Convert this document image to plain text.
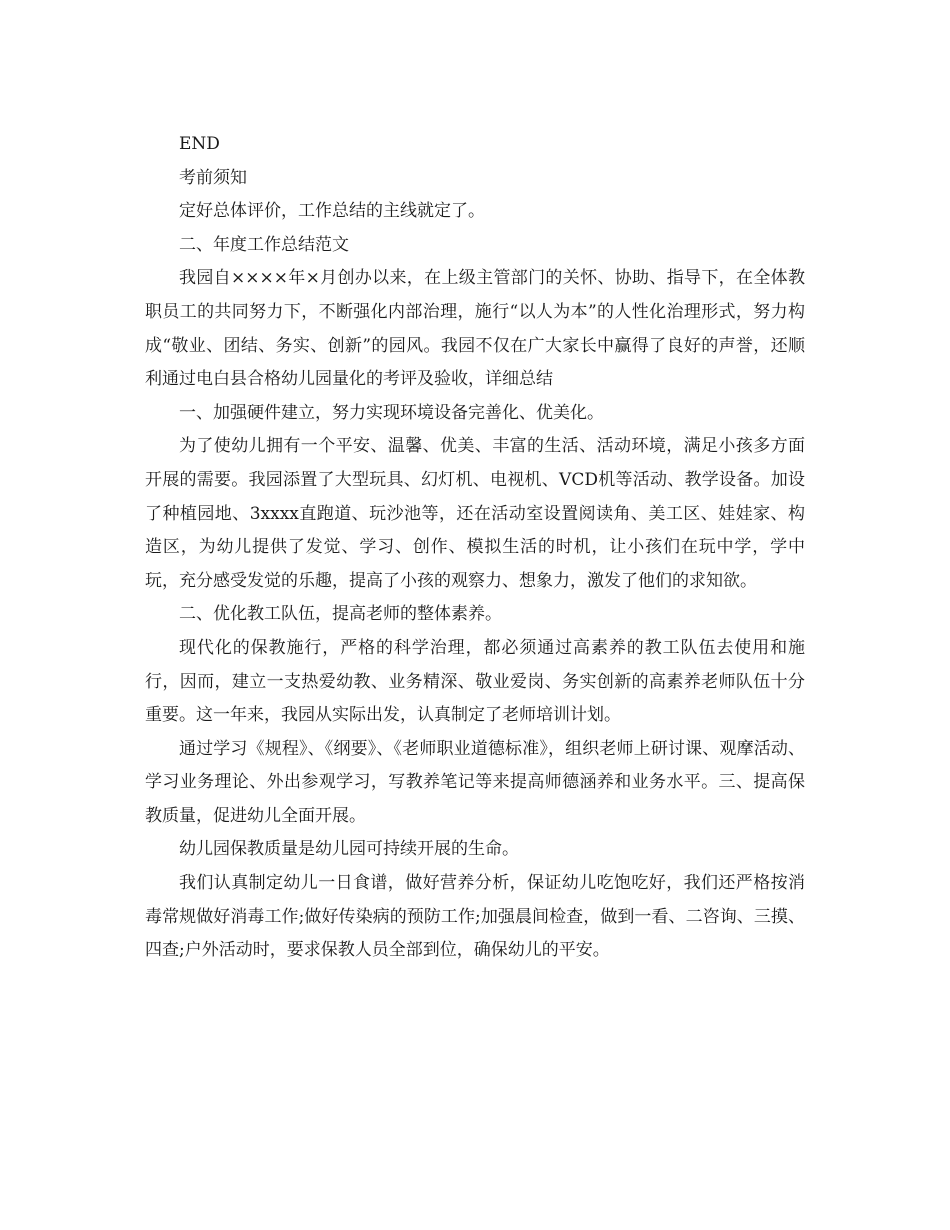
END

考前须知

定好总体评价，工作总结的主线就定了。

二、年度工作总结范文

我园自××××年×月创办以来，在上级主管部门的关怀、协助、指导下，在全体教职员工的共同努力下，不断强化内部治理，施行“以人为本”的人性化治理形式，努力构成“敬业、团结、务实、创新”的园风。我园不仅在广大家长中赢得了良好的声誉，还顺利通过电白县合格幼儿园量化的考评及验收，详细总结

一、加强硬件建立，努力实现环境设备完善化、优美化。

为了使幼儿拥有一个平安、温馨、优美、丰富的生活、活动环境，满足小孩多方面开展的需要。我园添置了大型玩具、幻灯机、电视机、VCD机等活动、教学设备。加设了种植园地、3xxxx直跑道、玩沙池等，还在活动室设置阅读角、美工区、娃娃家、构造区，为幼儿提供了发觉、学习、创作、模拟生活的时机，让小孩们在玩中学，学中玩，充分感受发觉的乐趣，提高了小孩的观察力、想象力，激发了他们的求知欲。

二、优化教工队伍，提高老师的整体素养。

现代化的保教施行，严格的科学治理，都必须通过高素养的教工队伍去使用和施行，因而，建立一支热爱幼教、业务精深、敬业爱岗、务实创新的高素养老师队伍十分重要。这一年来，我园从实际出发，认真制定了老师培训计划。

通过学习《规程》、《纲要》、《老师职业道德标准》，组织老师上研讨课、观摩活动、学习业务理论、外出参观学习，写教养笔记等来提高师德涵养和业务水平。三、提高保教质量，促进幼儿全面开展。

幼儿园保教质量是幼儿园可持续开展的生命。

我们认真制定幼儿一日食谱，做好营养分析，保证幼儿吃饱吃好，我们还严格按消毒常规做好消毒工作;做好传染病的预防工作;加强晨间检查，做到一看、二咨询、三摸、四查;户外活动时，要求保教人员全部到位，确保幼儿的平安。
